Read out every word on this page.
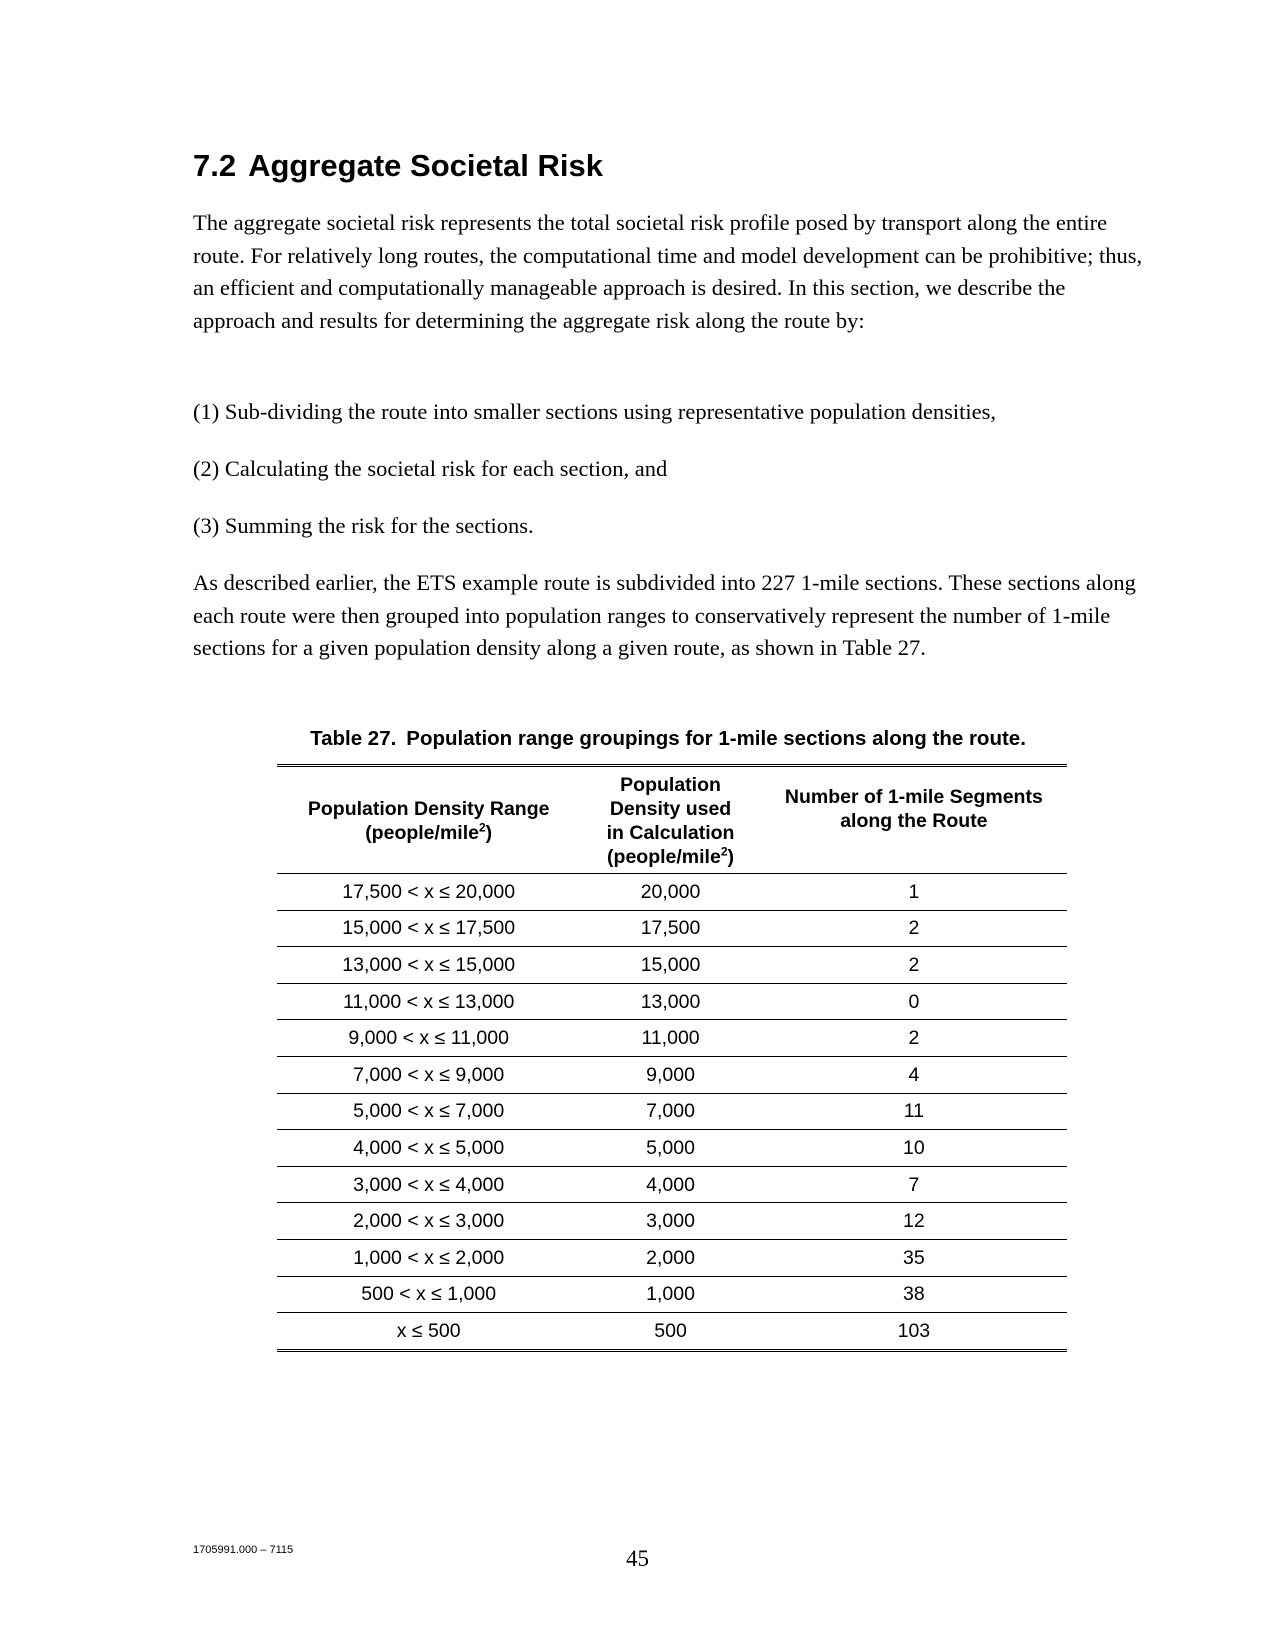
7.2 Aggregate Societal Risk

The aggregate societal risk represents the total societal risk profile posed by transport along the entire route. For relatively long routes, the computational time and model development can be prohibitive; thus, an efficient and computationally manageable approach is desired. In this section, we describe the approach and results for determining the aggregate risk along the route by:

(1) Sub-dividing the route into smaller sections using representative population densities,

(2) Calculating the societal risk for each section, and

(3) Summing the risk for the sections.

As described earlier, the ETS example route is subdivided into 227 1-mile sections. These sections along each route were then grouped into population ranges to conservatively represent the number of 1-mile sections for a given population density along a given route, as shown in Table 27.

Table 27. Population range groupings for 1-mile sections along the route.

Population Density Range
(people/mile$^2$)	Population
Density used
in Calculation
(people/mile$^2$)	Number of 1-mile Segments
along the Route
17,500 < x ≤ 20,000	20,000	1
15,000 < x ≤ 17,500	17,500	2
13,000 < x ≤ 15,000	15,000	2
11,000 < x ≤ 13,000	13,000	0
9,000 < x ≤ 11,000	11,000	2
7,000 < x ≤ 9,000	9,000	4
5,000 < x ≤ 7,000	7,000	11
4,000 < x ≤ 5,000	5,000	10
3,000 < x ≤ 4,000	4,000	7
2,000 < x ≤ 3,000	3,000	12
1,000 < x ≤ 2,000	2,000	35
500 < x ≤ 1,000	1,000	38
x ≤ 500	500	103

1705991.000 – 7115	45
